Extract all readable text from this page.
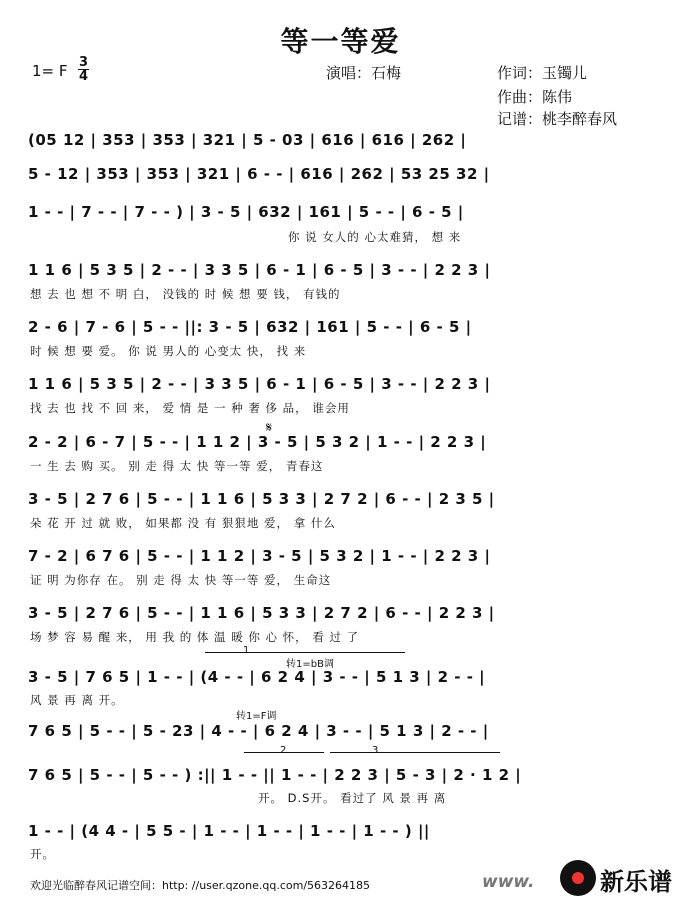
等一等爱
1= F $\frac{3}{4}$	演唱：石梅	作词：玉镯儿
作曲：陈伟
记谱：桃李醉春风
(05 12 | 353 | 353 | 321 | 5 - 03 | 616 | 616 | 262 |
5 - 12 | 353 | 353 | 321 | 6 - - | 616 | 262 | 53 25 32 |
1 - - | 7 - - | 7 - - ) | 3 - 5 | 632 | 161 | 5 - - | 6 - 5 |
你 说 女人的 心太难猜， 想 来
1 1 6 | 5 3 5 | 2 - - | 3 3 5 | 6 - 1 | 6 - 5 | 3 - - | 2 2 3 |
想 去 也 想 不 明 白， 没钱的 时 候 想 要 钱， 有钱的
2 - 6 | 7 - 6 | 5 - - ||: 3 - 5 | 632 | 161 | 5 - - | 6 - 5 |
时 候 想 要 爱。 你 说 男人的 心变太 快， 找 来
1 1 6 | 5 3 5 | 2 - - | 3 3 5 | 6 - 1 | 6 - 5 | 3 - - | 2 2 3 |
找 去 也 找 不 回 来， 爱 情 是 一 种 奢 侈 品， 谁会用
𝄋
2 - 2 | 6 - 7 | 5 - - | 1 1 2 | 3 - 5 | 5 3 2 | 1 - - | 2 2 3 |
一 生 去 购 买。 别 走 得 太 快 等一等 爱， 青春这
3 - 5 | 2 7 6 | 5 - - | 1 1 6 | 5 3 3 | 2 7 2 | 6 - - | 2 3 5 |
朵 花 开 过 就 败， 如果都 没 有 狠狠地 爱， 拿 什么
7 - 2 | 6 7 6 | 5 - - | 1 1 2 | 3 - 5 | 5 3 2 | 1 - - | 2 2 3 |
证 明 为你存 在。 别 走 得 太 快 等一等 爱， 生命这
3 - 5 | 2 7 6 | 5 - - | 1 1 6 | 5 3 3 | 2 7 2 | 6 - - | 2 2 3 |
场 梦 容 易 醒 来， 用 我 的 体 温 暖 你 心 怀， 看 过 了
1
转1=bB调
3 - 5 | 7 6 5 | 1 - - | (4 - - | 6 2 4 | 3 - - | 5 1 3 | 2 - - |
风 景 再 离 开。
转1=F调
7 6 5 | 5 - - | 5 - 23 | 4 - - | 6 2 4 | 3 - - | 5 1 3 | 2 - - |
2	3
7 6 5 | 5 - - | 5 - - ) :|| 1 - - || 1 - - | 2 2 3 | 5 - 3 | 2 · 1 2 |
开。 D.S开。 看过了 风 景 再 离
1 - - | (4 4 - | 5 5 - | 1 - - | 1 - - | 1 - - | 1 - - ) ||
开。
欢迎光临醉春风记谱空间：http: //user.qzone.qq.com/563264185	www.	新乐谱
